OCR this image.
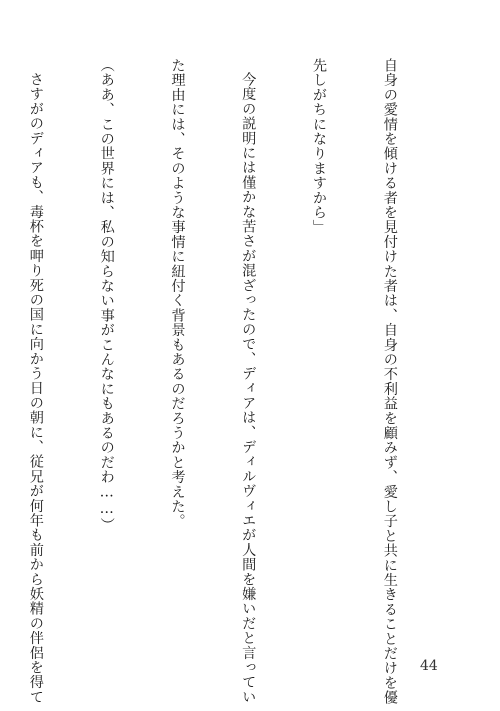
自身の愛情を傾ける者を見付けた者は、自身の不利益を顧みず、愛し子と共に生きることだけを優

先しがちになりますから」

今度の説明には僅かな苦さが混ざったので、ディアは、ディルヴィエが人間を嫌いだと言ってい

た理由には、そのような事情に紐付く背景もあるのだろうかと考えた。

（ああ、この世界には、私の知らない事がこんなにもあるのだわ……）

さすがのディアも、毒杯を呷り死の国に向かう日の朝に、従兄が何年も前から妖精の伴侶を得て

	44
